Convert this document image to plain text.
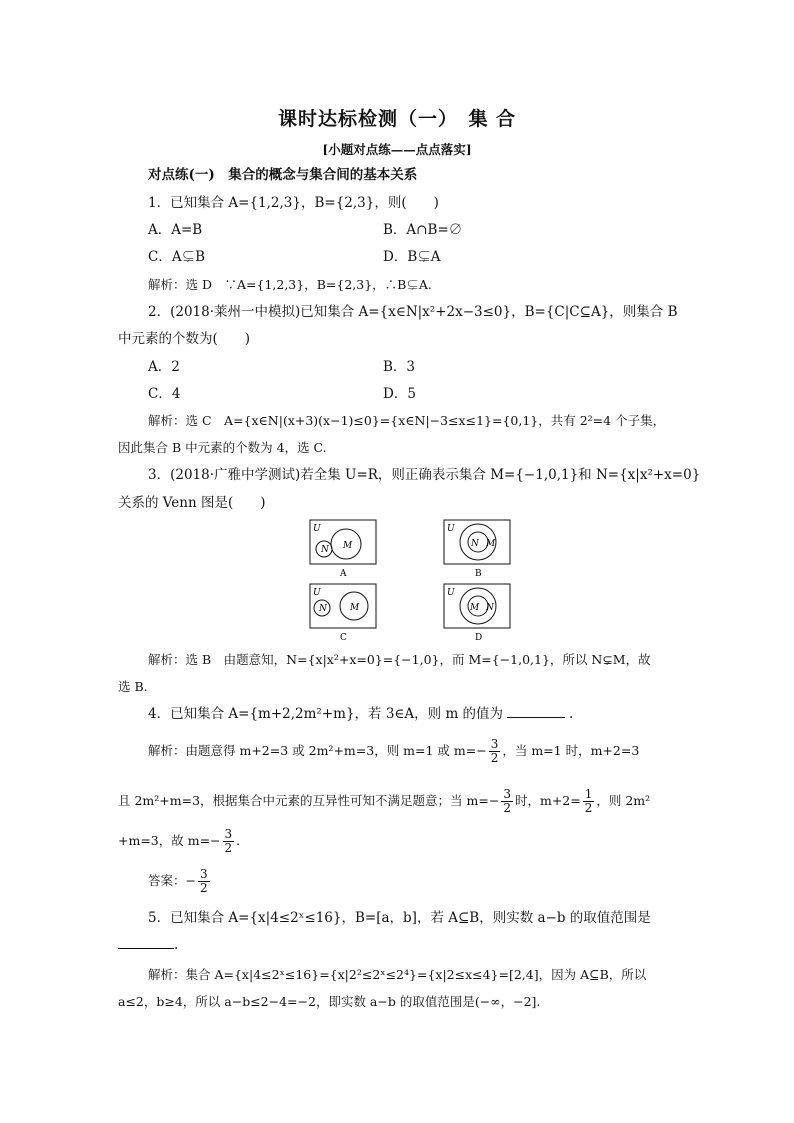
课时达标检测（一）　集 合
[小题对点练——点点落实]
对点练(一)　集合的概念与集合间的基本关系
1．已知集合 A={1,2,3}，B={2,3}，则(　　)
A．A=B	B．A∩B=∅
C．A⊊B	D．B⊊A
解析：选 D　∵A={1,2,3}，B={2,3}，∴B⊊A.
2．(2018·莱州一中模拟)已知集合 A={x∈N|x²+2x−3≤0}，B={C|C⊆A}，则集合 B
中元素的个数为(　　)
A．2	B．3
C．4	D．5
解析：选 C　A={x∈N|(x+3)(x−1)≤0}={x∈N|−3≤x≤1}={0,1}，共有 2²=4 个子集，
因此集合 B 中元素的个数为 4，选 C.
3．(2018·广雅中学测试)若全集 U=R，则正确表示集合 M={−1,0,1}和 N={x|x²+x=0}
关系的 Venn 图是(　　)
U
N M
A
U
N M
B
U
N	M
C
U
M N
D
解析：选 B　由题意知，N={x|x²+x=0}={−1,0}，而 M={−1,0,1}，所以 N⊊M，故
选 B.
4．已知集合 A={m+2,2m²+m}，若 3∈A，则 m 的值为	.
解析：由题意得 m+2=3 或 2m²+m=3，则 m=1 或 $m=- \frac{3}{2}$ ，当 m=1 时，m+2=3
且 2m²+m=3，根据集合中元素的互异性可知不满足题意；当 $m=- \frac{3}{2}$ 时，$m+2= \frac{1}{2}$ ，则 2m²
+m=3，故 $m=- \frac{3}{2}$ .
答案：− $\frac{3}{2}$
5．已知集合 A={x|4≤2ˣ≤16}，B=[a，b]，若 A⊆B，则实数 a−b 的取值范围是
.
解析：集合 A={x|4≤2ˣ≤16}={x|2²≤2ˣ≤2⁴}={x|2≤x≤4}=[2,4]，因为 A⊆B，所以
a≤2，b≥4，所以 a−b≤2−4=−2，即实数 a−b 的取值范围是(−∞，−2].
